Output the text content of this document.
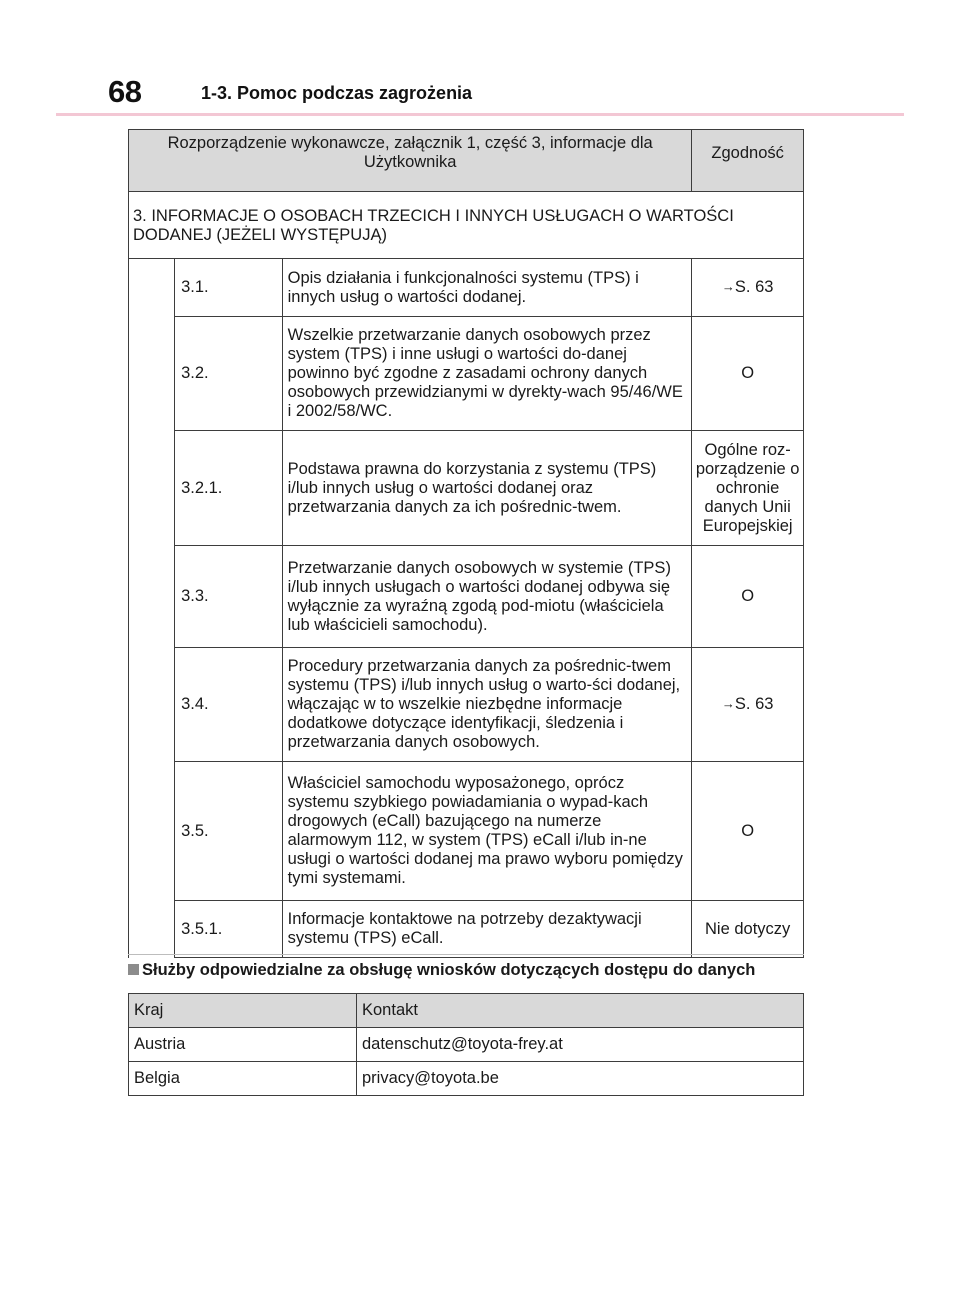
68	1-3. Pomoc podczas zagrożenia
Rozporządzenie wykonawcze, załącznik 1, część 3, informacje dla Użytkownika			Zgodność
3. INFORMACJE O OSOBACH TRZECICH I INNYCH USŁUGACH O WARTOŚCI DODANEJ (JEŻELI WYSTĘPUJĄ)			
	3.1.	Opis działania i funkcjonalności systemu (TPS) i innych usług o wartości dodanej.	→S. 63
	3.2.	Wszelkie przetwarzanie danych osobowych przez system (TPS) i inne usługi o wartości do-danej powinno być zgodne z zasadami ochrony danych osobowych przewidzianymi w dyrekty-wach 95/46/WE i 2002/58/WC.	O
	3.2.1.	Podstawa prawna do korzystania z systemu (TPS) i/lub innych usług o wartości dodanej oraz przetwarzania danych za ich pośrednic-twem.	Ogólne roz-porządzenie o ochronie danych Unii Europejskiej
	3.3.	Przetwarzanie danych osobowych w systemie (TPS) i/lub innych usługach o wartości dodanej odbywa się wyłącznie za wyraźną zgodą pod-miotu (właściciela lub właścicieli samochodu).	O
	3.4.	Procedury przetwarzania danych za pośrednic-twem systemu (TPS) i/lub innych usług o warto-ści dodanej, włączając w to wszelkie niezbędne informacje dodatkowe dotyczące identyfikacji, śledzenia i przetwarzania danych osobowych.	→S. 63
	3.5.	Właściciel samochodu wyposażonego, oprócz systemu szybkiego powiadamiania o wypad-kach drogowych (eCall) bazującego na numerze alarmowym 112, w system (TPS) eCall i/lub in-ne usługi o wartości dodanej ma prawo wyboru pomiędzy tymi systemami.	O
	3.5.1.	Informacje kontaktowe na potrzeby dezaktywacji systemu (TPS) eCall.	Nie dotyczy
Służby odpowiedzialne za obsługę wniosków dotyczących dostępu do danych
Kraj	Kontakt
Austria	datenschutz@toyota-frey.at
Belgia	privacy@toyota.be
